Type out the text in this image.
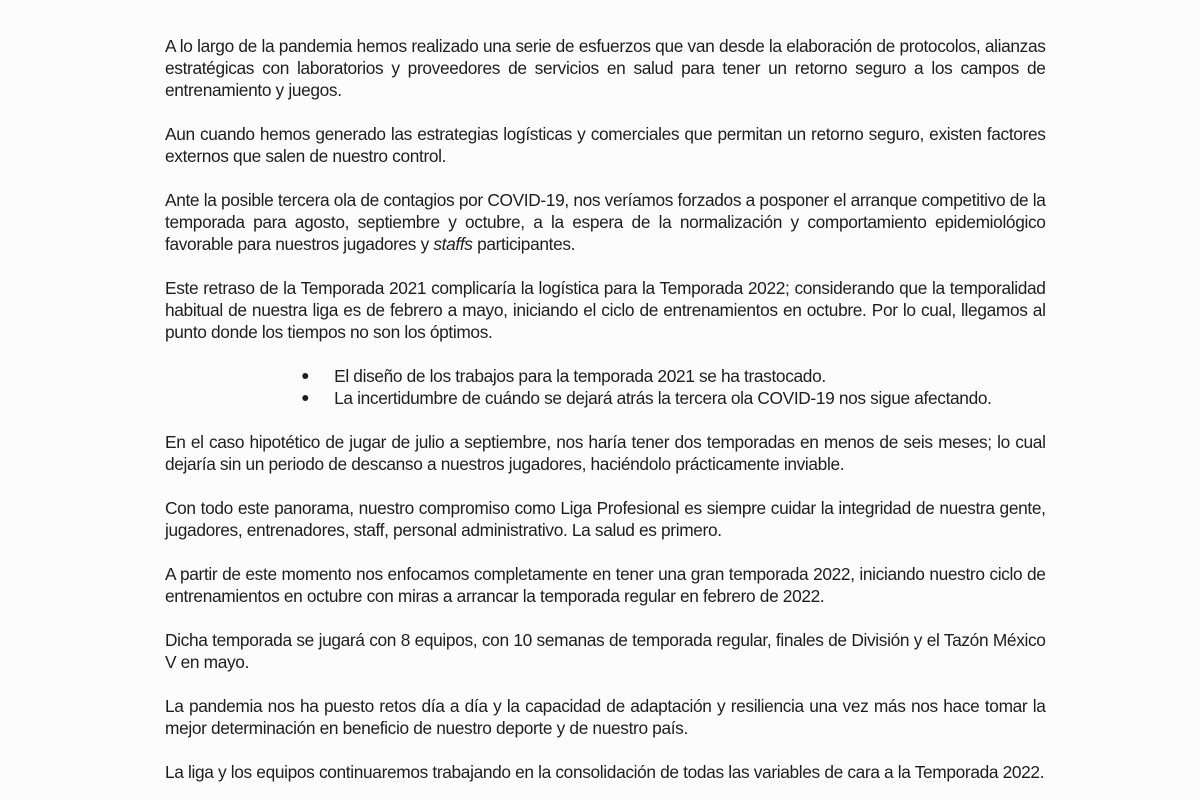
A lo largo de la pandemia hemos realizado una serie de esfuerzos que van desde la elaboración de protocolos, alianzas estratégicas con laboratorios y proveedores de servicios en salud para tener un retorno seguro a los campos de entrenamiento y juegos.

Aun cuando hemos generado las estrategias logísticas y comerciales que permitan un retorno seguro, existen factores externos que salen de nuestro control.

Ante la posible tercera ola de contagios por COVID-19, nos veríamos forzados a posponer el arranque competitivo de la temporada para agosto, septiembre y octubre, a la espera de la normalización y comportamiento epidemiológico favorable para nuestros jugadores y staffs participantes.

Este retraso de la Temporada 2021 complicaría la logística para la Temporada 2022; considerando que la temporalidad habitual de nuestra liga es de febrero a mayo, iniciando el ciclo de entrenamientos en octubre. Por lo cual, llegamos al punto donde los tiempos no son los óptimos.

El diseño de los trabajos para la temporada 2021 se ha trastocado.
La incertidumbre de cuándo se dejará atrás la tercera ola COVID-19 nos sigue afectando.

En el caso hipotético de jugar de julio a septiembre, nos haría tener dos temporadas en menos de seis meses; lo cual dejaría sin un periodo de descanso a nuestros jugadores, haciéndolo prácticamente inviable.

Con todo este panorama, nuestro compromiso como Liga Profesional es siempre cuidar la integridad de nuestra gente, jugadores, entrenadores, staff, personal administrativo. La salud es primero.

A partir de este momento nos enfocamos completamente en tener una gran temporada 2022, iniciando nuestro ciclo de entrenamientos en octubre con miras a arrancar la temporada regular en febrero de 2022.

Dicha temporada se jugará con 8 equipos, con 10 semanas de temporada regular, finales de División y el Tazón México V en mayo.

La pandemia nos ha puesto retos día a día y la capacidad de adaptación y resiliencia una vez más nos hace tomar la mejor determinación en beneficio de nuestro deporte y de nuestro país.

La liga y los equipos continuaremos trabajando en la consolidación de todas las variables de cara a la Temporada 2022.
